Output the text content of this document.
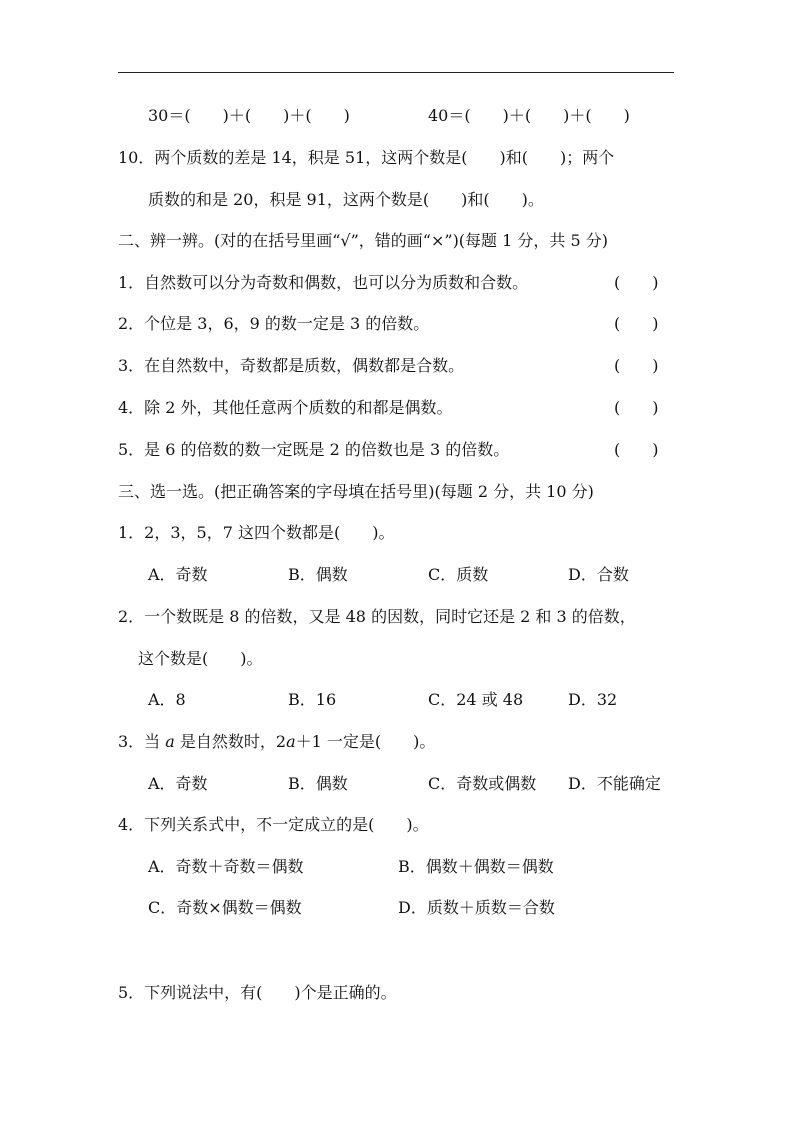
30＝(　　)＋(　　)＋(　　)	40＝(　　)＋(　　)＋(　　)
10．两个质数的差是 14，积是 51，这两个数是(　　)和(　　)；两个
质数的和是 20，积是 91，这两个数是(　　)和(　　)。
二、辨一辨。(对的在括号里画“√”，错的画“×”)(每题 1 分，共 5 分)
1．自然数可以分为奇数和偶数，也可以分为质数和合数。	(　　)
2．个位是 3，6，9 的数一定是 3 的倍数。	(　　)
3．在自然数中，奇数都是质数，偶数都是合数。	(　　)
4．除 2 外，其他任意两个质数的和都是偶数。	(　　)
5．是 6 的倍数的数一定既是 2 的倍数也是 3 的倍数。	(　　)
三、选一选。(把正确答案的字母填在括号里)(每题 2 分，共 10 分)
1．2，3，5，7 这四个数都是(　　)。
A．奇数	B．偶数	C．质数	D．合数
2．一个数既是 8 的倍数，又是 48 的因数，同时它还是 2 和 3 的倍数，
这个数是(　　)。
A．8	B．16	C．24 或 48	D．32
3．当 a 是自然数时，2a＋1 一定是(　　)。
A．奇数	B．偶数	C．奇数或偶数 D．不能确定
4．下列关系式中，不一定成立的是(　　)。
A．奇数＋奇数＝偶数	B．偶数＋偶数＝偶数
C．奇数×偶数＝偶数	D．质数＋质数＝合数
5．下列说法中，有(　　)个是正确的。
